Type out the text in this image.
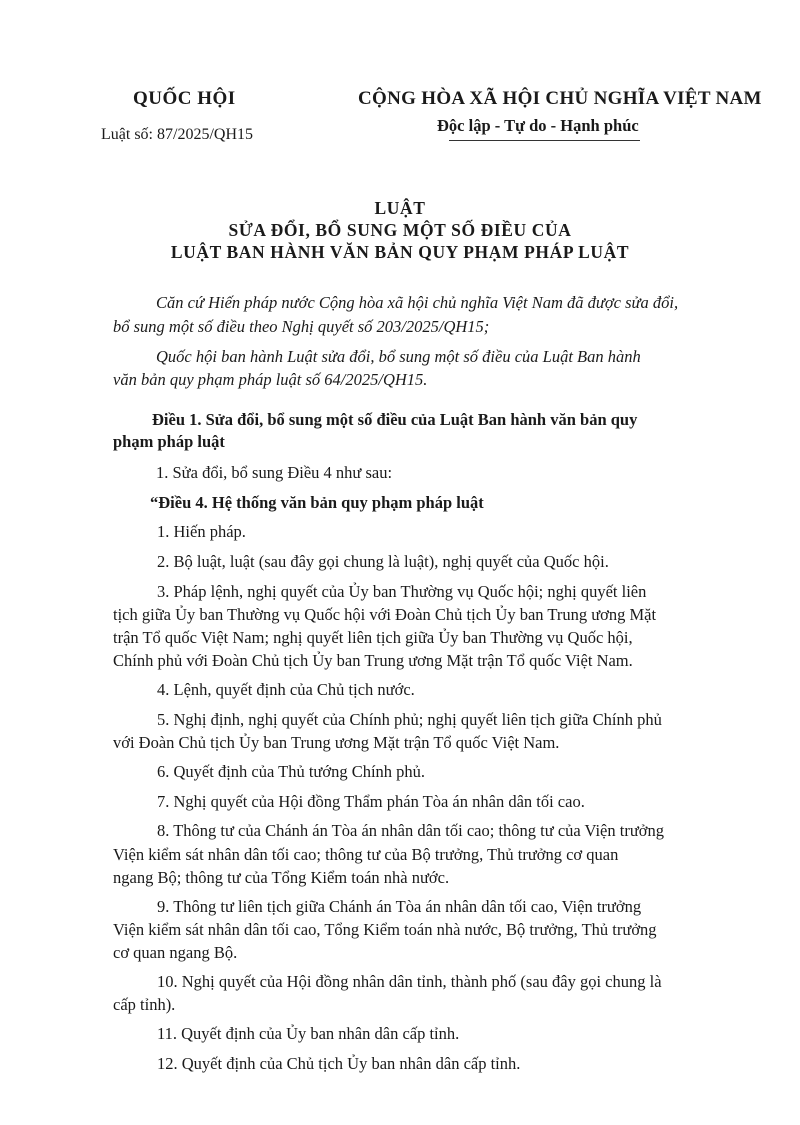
QUỐC HỘI
Luật số: 87/2025/QH15
CỘNG HÒA XÃ HỘI CHỦ NGHĨA VIỆT NAM
Độc lập - Tự do - Hạnh phúc
LUẬT
SỬA ĐỔI, BỔ SUNG MỘT SỐ ĐIỀU CỦA
LUẬT BAN HÀNH VĂN BẢN QUY PHẠM PHÁP LUẬT
Căn cứ Hiến pháp nước Cộng hòa xã hội chủ nghĩa Việt Nam đã được sửa đổi,
bổ sung một số điều theo Nghị quyết số 203/2025/QH15;
Quốc hội ban hành Luật sửa đổi, bổ sung một số điều của Luật Ban hành
văn bản quy phạm pháp luật số 64/2025/QH15.
Điều 1. Sửa đổi, bổ sung một số điều của Luật Ban hành văn bản quy
phạm pháp luật
1. Sửa đổi, bổ sung Điều 4 như sau:
“Điều 4. Hệ thống văn bản quy phạm pháp luật
1. Hiến pháp.
2. Bộ luật, luật (sau đây gọi chung là luật), nghị quyết của Quốc hội.
3. Pháp lệnh, nghị quyết của Ủy ban Thường vụ Quốc hội; nghị quyết liên
tịch giữa Ủy ban Thường vụ Quốc hội với Đoàn Chủ tịch Ủy ban Trung ương Mặt
trận Tổ quốc Việt Nam; nghị quyết liên tịch giữa Ủy ban Thường vụ Quốc hội,
Chính phủ với Đoàn Chủ tịch Ủy ban Trung ương Mặt trận Tổ quốc Việt Nam.
4. Lệnh, quyết định của Chủ tịch nước.
5. Nghị định, nghị quyết của Chính phủ; nghị quyết liên tịch giữa Chính phủ
với Đoàn Chủ tịch Ủy ban Trung ương Mặt trận Tổ quốc Việt Nam.
6. Quyết định của Thủ tướng Chính phủ.
7. Nghị quyết của Hội đồng Thẩm phán Tòa án nhân dân tối cao.
8. Thông tư của Chánh án Tòa án nhân dân tối cao; thông tư của Viện trưởng
Viện kiểm sát nhân dân tối cao; thông tư của Bộ trưởng, Thủ trưởng cơ quan
ngang Bộ; thông tư của Tổng Kiểm toán nhà nước.
9. Thông tư liên tịch giữa Chánh án Tòa án nhân dân tối cao, Viện trưởng
Viện kiểm sát nhân dân tối cao, Tổng Kiểm toán nhà nước, Bộ trưởng, Thủ trưởng
cơ quan ngang Bộ.
10. Nghị quyết của Hội đồng nhân dân tỉnh, thành phố (sau đây gọi chung là
cấp tỉnh).
11. Quyết định của Ủy ban nhân dân cấp tỉnh.
12. Quyết định của Chủ tịch Ủy ban nhân dân cấp tỉnh.
